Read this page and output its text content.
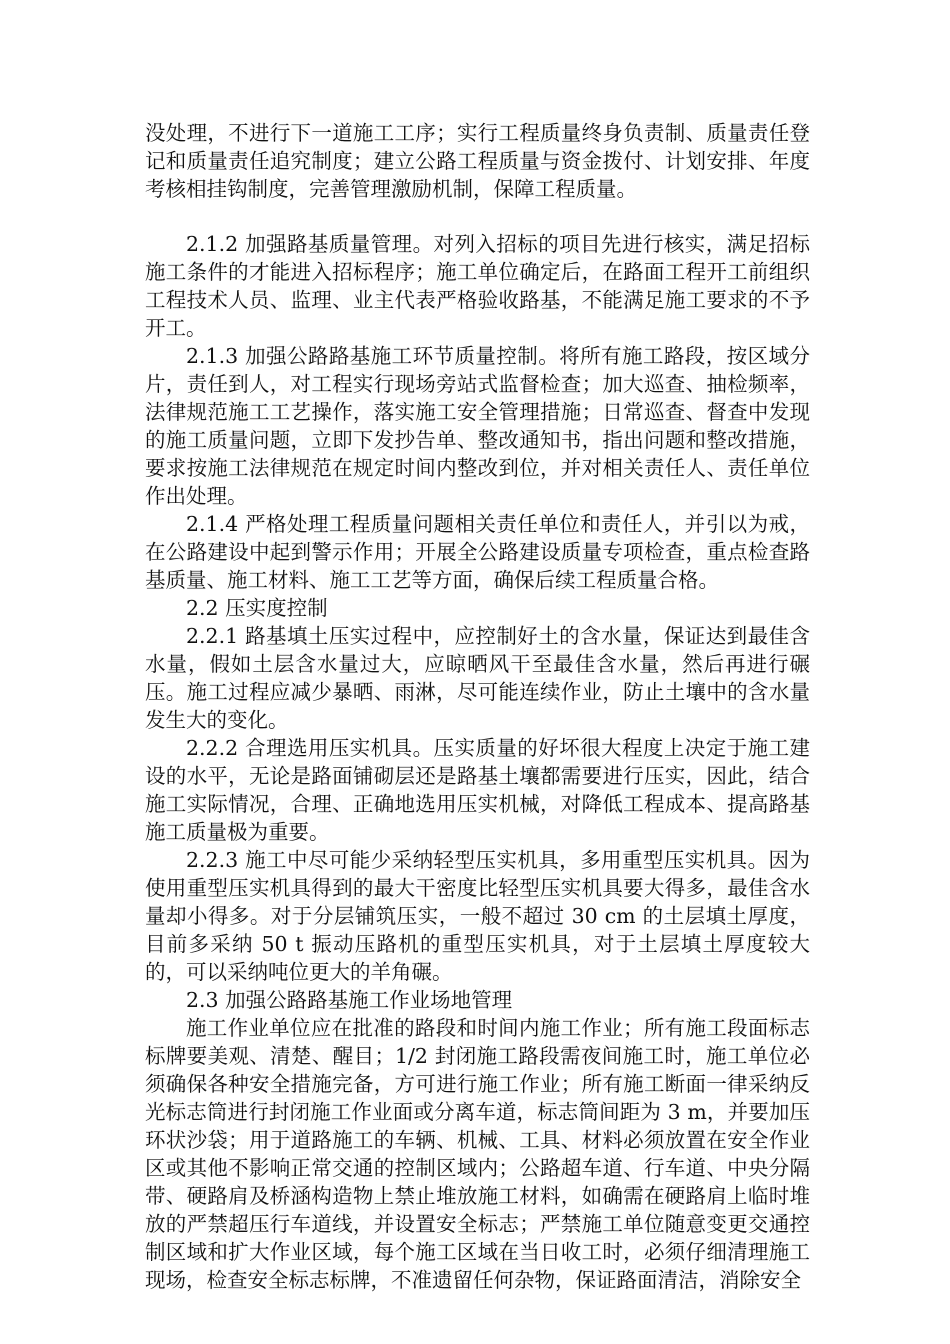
没处理，不进行下一道施工工序；实行工程质量终身负责制、质量责任登记和质量责任追究制度；建立公路工程质量与资金拨付、计划安排、年度考核相挂钩制度，完善管理激励机制，保障工程质量。

2.1.2 加强路基质量管理。对列入招标的项目先进行核实，满足招标施工条件的才能进入招标程序；施工单位确定后，在路面工程开工前组织工程技术人员、监理、业主代表严格验收路基，不能满足施工要求的不予开工。

2.1.3 加强公路路基施工环节质量控制。将所有施工路段，按区域分片，责任到人，对工程实行现场旁站式监督检查；加大巡查、抽检频率，法律规范施工工艺操作，落实施工安全管理措施；日常巡查、督查中发现的施工质量问题，立即下发抄告单、整改通知书，指出问题和整改措施，要求按施工法律规范在规定时间内整改到位，并对相关责任人、责任单位作出处理。

2.1.4 严格处理工程质量问题相关责任单位和责任人，并引以为戒，在公路建设中起到警示作用；开展全公路建设质量专项检查，重点检查路基质量、施工材料、施工工艺等方面，确保后续工程质量合格。

2.2 压实度控制

2.2.1 路基填土压实过程中，应控制好土的含水量，保证达到最佳含水量，假如土层含水量过大，应晾晒风干至最佳含水量，然后再进行碾压。施工过程应减少暴晒、雨淋，尽可能连续作业，防止土壤中的含水量发生大的变化。

2.2.2 合理选用压实机具。压实质量的好坏很大程度上决定于施工建设的水平，无论是路面铺砌层还是路基土壤都需要进行压实，因此，结合施工实际情况，合理、正确地选用压实机械，对降低工程成本、提高路基施工质量极为重要。

2.2.3 施工中尽可能少采纳轻型压实机具，多用重型压实机具。因为使用重型压实机具得到的最大干密度比轻型压实机具要大得多，最佳含水量却小得多。对于分层铺筑压实，一般不超过 30 cm 的土层填土厚度，目前多采纳 50 t 振动压路机的重型压实机具，对于土层填土厚度较大的，可以采纳吨位更大的羊角碾。

2.3 加强公路路基施工作业场地管理

施工作业单位应在批准的路段和时间内施工作业；所有施工段面标志标牌要美观、清楚、醒目；1/2 封闭施工路段需夜间施工时，施工单位必须确保各种安全措施完备，方可进行施工作业；所有施工断面一律采纳反光标志筒进行封闭施工作业面或分离车道，标志筒间距为 3 m，并要加压环状沙袋；用于道路施工的车辆、机械、工具、材料必须放置在安全作业区或其他不影响正常交通的控制区域内；公路超车道、行车道、中央分隔带、硬路肩及桥涵构造物上禁止堆放施工材料，如确需在硬路肩上临时堆放的严禁超压行车道线，并设置安全标志；严禁施工单位随意变更交通控制区域和扩大作业区域，每个施工区域在当日收工时，必须仔细清理施工现场，检查安全标志标牌，不准遗留任何杂物，保证路面清洁，消除安全
